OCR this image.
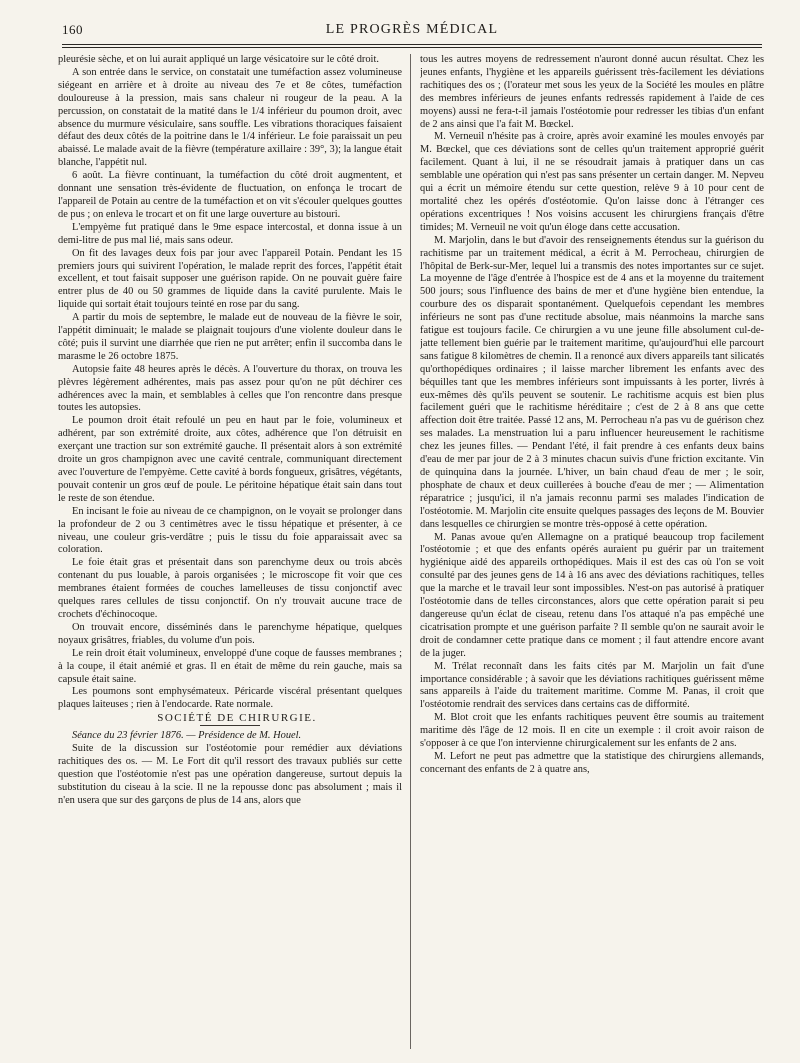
160	LE PROGRÈS MÉDICAL

pleurésie sèche, et on lui aurait appliqué un large vésicatoire sur le côté droit.

A son entrée dans le service, on constatait une tuméfaction assez volumineuse siégeant en arrière et à droite au niveau des 7e et 8e côtes, tuméfaction douloureuse à la pression, mais sans chaleur ni rougeur de la peau. A la percussion, on constatait de la matité dans le 1/4 inférieur du poumon droit, avec absence du murmure vésiculaire, sans souffle. Les vibrations thoraciques faisaient défaut des deux côtés de la poitrine dans le 1/4 inférieur. Le foie paraissait un peu abaissé. Le malade avait de la fièvre (température axillaire : 39°, 3); la langue était blanche, l'appétit nul.

6 août. La fièvre continuant, la tuméfaction du côté droit augmentent, et donnant une sensation très-évidente de fluctuation, on enfonça le trocart de l'appareil de Potain au centre de la tuméfaction et on vit s'écouler quelques gouttes de pus ; on enleva le trocart et on fit une large ouverture au bistouri.

L'empyème fut pratiqué dans le 9me espace intercostal, et donna issue à un demi-litre de pus mal lié, mais sans odeur.

On fit des lavages deux fois par jour avec l'appareil Potain. Pendant les 15 premiers jours qui suivirent l'opération, le malade reprit des forces, l'appétit était excellent, et tout faisait supposer une guérison rapide. On ne pouvait guère faire entrer plus de 40 ou 50 grammes de liquide dans la cavité purulente. Mais le liquide qui sortait était toujours teinté en rose par du sang.

A partir du mois de septembre, le malade eut de nouveau de la fièvre le soir, l'appétit diminuait; le malade se plaignait toujours d'une violente douleur dans le côté; puis il survint une diarrhée que rien ne put arrêter; enfin il succomba dans le marasme le 26 octobre 1875.

Autopsie faite 48 heures après le décès. A l'ouverture du thorax, on trouva les plèvres légèrement adhérentes, mais pas assez pour qu'on ne pût déchirer ces adhérences avec la main, et semblables à celles que l'on rencontre dans presque toutes les autopsies.

Le poumon droit était refoulé un peu en haut par le foie, volumineux et adhérent, par son extrémité droite, aux côtes, adhérence que l'on détruisit en exerçant une traction sur son extrémité gauche. Il présentait alors à son extrémité droite un gros champignon avec une cavité centrale, communiquant directement avec l'ouverture de l'empyème. Cette cavité à bords fongueux, grisâtres, végétants, pouvait contenir un gros œuf de poule. Le péritoine hépatique était sain dans tout le reste de son étendue.

En incisant le foie au niveau de ce champignon, on le voyait se prolonger dans la profondeur de 2 ou 3 centimètres avec le tissu hépatique et présenter, à ce niveau, une couleur gris-verdâtre ; puis le tissu du foie apparaissait avec sa coloration.

Le foie était gras et présentait dans son parenchyme deux ou trois abcès contenant du pus louable, à parois organisées ; le microscope fit voir que ces membranes étaient formées de couches lamelleuses de tissu conjonctif avec quelques rares cellules de tissu conjonctif. On n'y trouvait aucune trace de crochets d'échinocoque.

On trouvait encore, disséminés dans le parenchyme hépatique, quelques noyaux grisâtres, friables, du volume d'un pois.

Le rein droit était volumineux, enveloppé d'une coque de fausses membranes ; à la coupe, il était anémié et gras. Il en était de même du rein gauche, mais sa capsule était saine.

Les poumons sont emphysémateux. Péricarde viscéral présentant quelques plaques laiteuses ; rien à l'endocarde. Rate normale.

SOCIÉTÉ DE CHIRURGIE.

Séance du 23 février 1876. — Présidence de M. Houel.

Suite de la discussion sur l'ostéotomie pour remédier aux déviations rachitiques des os. — M. Le Fort dit qu'il ressort des travaux publiés sur cette question que l'ostéotomie n'est pas une opération dangereuse, surtout depuis la substitution du ciseau à la scie. Il ne la repousse donc pas absolument ; mais il n'en usera que sur des garçons de plus de 14 ans, alors que

tous les autres moyens de redressement n'auront donné aucun résultat. Chez les jeunes enfants, l'hygiène et les appareils guérissent très-facilement les déviations rachitiques des os ; (l'orateur met sous les yeux de la Société les moules en plâtre des membres inférieurs de jeunes enfants redressés rapidement à l'aide de ces moyens) aussi ne fera-t-il jamais l'ostéotomie pour redresser les tibias d'un enfant de 2 ans ainsi que l'a fait M. Bœckel.

M. Verneuil n'hésite pas à croire, après avoir examiné les moules envoyés par M. Bœckel, que ces déviations sont de celles qu'un traitement approprié guérit facilement. Quant à lui, il ne se résoudrait jamais à pratiquer dans un cas semblable une opération qui n'est pas sans présenter un certain danger. M. Nepveu qui a écrit un mémoire étendu sur cette question, relève 9 à 10 pour cent de mortalité chez les opérés d'ostéotomie. Qu'on laisse donc à l'étranger ces opérations excentriques ! Nos voisins accusent les chirurgiens français d'être timides; M. Verneuil ne voit qu'un éloge dans cette accusation.

M. Marjolin, dans le but d'avoir des renseignements étendus sur la guérison du rachitisme par un traitement médical, a écrit à M. Perrocheau, chirurgien de l'hôpital de Berk-sur-Mer, lequel lui a transmis des notes importantes sur ce sujet. La moyenne de l'âge d'entrée à l'hospice est de 4 ans et la moyenne du traitement 500 jours; sous l'influence des bains de mer et d'une hygiène bien entendue, la courbure des os disparait spontanément. Quelquefois cependant les membres inférieurs ne sont pas d'une rectitude absolue, mais néanmoins la marche sans fatigue est toujours facile. Ce chirurgien a vu une jeune fille absolument cul-de-jatte tellement bien guérie par le traitement maritime, qu'aujourd'hui elle parcourt sans fatigue 8 kilomètres de chemin. Il a renoncé aux divers appareils tant silicatés qu'orthopédiques ordinaires ; il laisse marcher librement les enfants avec des béquilles tant que les membres inférieurs sont impuissants à les porter, livrés à eux-mêmes dès qu'ils peuvent se soutenir. Le rachitisme acquis est bien plus facilement guéri que le rachitisme héréditaire ; c'est de 2 à 8 ans que cette affection doit être traitée. Passé 12 ans, M. Perrocheau n'a pas vu de guérison chez ses malades. La menstruation lui a paru influencer heureusement le rachitisme chez les jeunes filles. — Pendant l'été, il fait prendre à ces enfants deux bains d'eau de mer par jour de 2 à 3 minutes chacun suivis d'une friction excitante. Vin de quinquina dans la journée. L'hiver, un bain chaud d'eau de mer ; le soir, phosphate de chaux et deux cuillerées à bouche d'eau de mer ; — Alimentation réparatrice ; jusqu'ici, il n'a jamais reconnu parmi ses malades l'indication de l'ostéotomie. M. Marjolin cite ensuite quelques passages des leçons de M. Bouvier dans lesquelles ce chirurgien se montre très-opposé à cette opération.

M. Panas avoue qu'en Allemagne on a pratiqué beaucoup trop facilement l'ostéotomie ; et que des enfants opérés auraient pu guérir par un traitement hygiénique aidé des appareils orthopédiques. Mais il est des cas où l'on se voit consulté par des jeunes gens de 14 à 16 ans avec des déviations rachitiques, telles que la marche et le travail leur sont impossibles. N'est-on pas autorisé à pratiquer l'ostéotomie dans de telles circonstances, alors que cette opération parait si peu dangereuse qu'un éclat de ciseau, retenu dans l'os attaqué n'a pas empêché une cicatrisation prompte et une guérison parfaite ? Il semble qu'on ne saurait avoir le droit de condamner cette pratique dans ce moment ; il faut attendre encore avant de la juger.

M. Trélat reconnaît dans les faits cités par M. Marjolin un fait d'une importance considérable ; à savoir que les déviations rachitiques guérissent même sans appareils à l'aide du traitement maritime. Comme M. Panas, il croit que l'ostéotomie rendrait des services dans certains cas de difformité.

M. Blot croit que les enfants rachitiques peuvent être soumis au traitement maritime dès l'âge de 12 mois. Il en cite un exemple : il croit avoir raison de s'opposer à ce que l'on intervienne chirurgicalement sur les enfants de 2 ans.

M. Lefort ne peut pas admettre que la statistique des chirurgiens allemands, concernant des enfants de 2 à quatre ans,
